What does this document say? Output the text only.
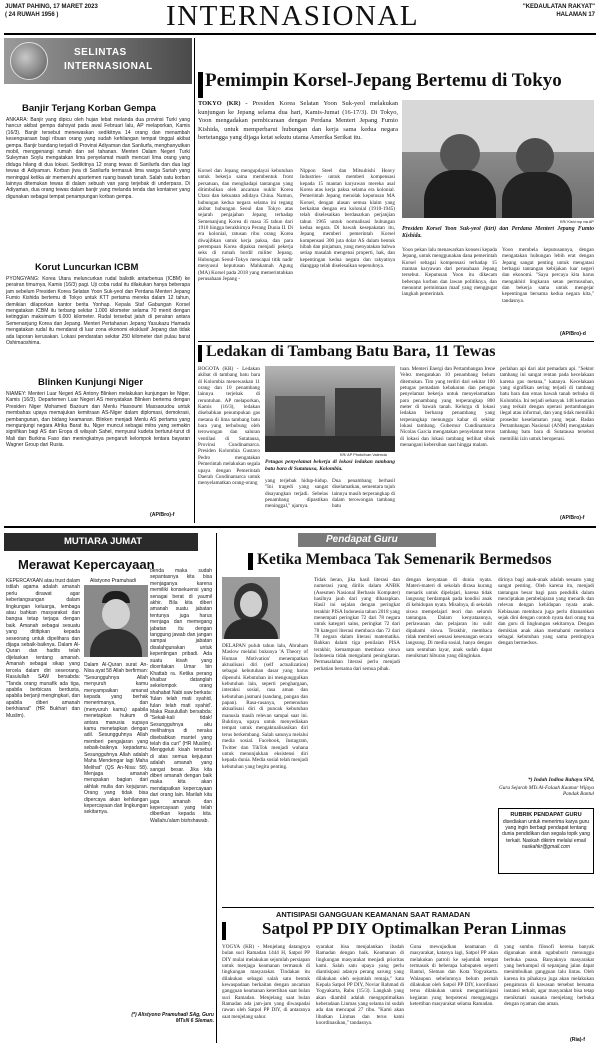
JUMAT PAHING, 17 MARET 2023
( 24 RUWAH 1956 )	INTERNASIONAL	"KEDAULATAN RAKYAT"
HALAMAN 17
SELINTAS
INTERNASIONAL
Banjir Terjang Korban Gempa
ANKARA: Banjir yang dipicu oleh hujan lebat melanda dua provinsi Turki yang hancur akibat gempa dahsyat pada awal Februari lalu, AP melaporkan, Kamis (16/3). Banjir tersebut menewaskan sedikitnya 14 orang dan menambah kesengsaraan bagi ribuan orang yang sudah kehilangan tempat tinggal akibat gempa. Banjir bandang terjadi di Provinsi Adiyaman dan Sanliurfa, menghanyutkan mobil, menggenangi rumah dan sel tahanan. Menteri Dalam Negeri Turki Suleyman Soylu mengatakan lima penyelamat masih mencari lima orang yang diduga hilang di dua lokasi. Sedikitnya 12 orang tewas di Sanliurfa dan dua lagi tewas di Adiyaman. Korban jiwa di Sanliurfa termasuk lima warga Suriah yang meninggal ketika air memenuhi apartemen ruang bawah tanah. Salah satu korban lainnya ditemukan tewas di dalam sebuah van yang terjebak di underpass. Di Adiyaman, dua orang tewas dalam banjir yang melanda tenda dan kontainer yang digunakan sebagai tempat penampungan korban gempa.
Korut Luncurkan ICBM
PYONGYANG: Korea Utara meluncurkan rudal balistik antarbenua (ICBM) ke perairan timurnya, Kamis (16/3) pagi. Uji coba rudal itu dilakukan hanya beberapa jam sebelum Presiden Korea Selatan Yoon Suk-yeol dan Perdana Menteri Jepang Fumio Kishida bertemu di Tokyo untuk KTT pertama mereka dalam 12 tahun, demikian dilaporkan kantor berita Yonhap. Kepala Staf Gabungan Korsel mengatakan ICBM itu terbang sekitar 1.000 kilometer selama 70 menit dengan ketinggian maksimum 6.000 kilometer. Rudal tersebut jatuh di perairan antara Semenanjung Korea dan Jepang. Menteri Pertahanan Jepang Yasukazu Hamada mengatakan rudal itu mendarat di luar zona ekonomi eksklusif Jepang dan tidak ada laporan kerusakan. Lokasi pendaratan sekitar 250 kilometer dari pulau barat Oshimaoshima.
Blinken Kunjungi Niger
NIAMEY: Menteri Luar Negeri AS Antony Blinken melakukan kunjungan ke Niger, Kamis (16/3). Departemen Luar Negeri AS menyatakan Blinken bertemu dengan Presiden Niger Mohamed Bazoum dan Menlu Hassoumi Massaoudou untuk membahas upaya memajukan kemitraan AS-Niger dalam diplomasi, demokrasi, pembangunan, dan bidang keamanan. Blinken menjadi Menlu AS pertama yang mengunjungi negara Afrika Barat itu. Niger muncul sebagai mitra yang semakin signifikan bagi AS dan Eropa di wilayah Sahel, menyusul kudeta berturut-turut di Mali dan Burkina Faso dan meningkatnya pengaruh kelompok tentara bayaran Wagner Group dari Rusia.
(AP/Bro)-f
Pemimpin Korsel-Jepang Bertemu di Tokyo
TOKYO (KR) - Presiden Korea Selatan Yoon Suk-yeol melakukan kunjungan ke Jepang selama dua hari, Kamis-Jumat (16-17/3). Di Tokyo, Yoon mengadakan pembicaraan dengan Perdana Menteri Jepang Fumio Kishida, untuk memperbarui hubungan dan kerja sama kedua negara bertetangga yang dijaga ketat sekutu utama Amerika Serikat itu.
Korsel dan Jepang mengupdayai kebutuhan untuk bekerja sama membentuk front persatuan, dan menghadapi tantangan yang ditimbulkan oleh ancaman nuklir Korea Utara dan kekuatan adidaya China. Namun, hubungan kedua negara selama ini tegang akibat hubungan Seoul dan Tokyo atas sejarah penjajahan Jepang terhadap Semenanjung Korea di masa 35 tahun dari 1910 hingga berakhirnya Perang Dunia II. Di era kolonial, ratusan ribu orang Korea diwajibkan untuk kerja paksa, dan para perempuan Korea dipaksa menjadi pekerja seks di rumah bordil militer Jepang. Hubungan Seoul-Tokyo mencapai titik nadir menyusul keputusan Mahkamah Agung (MA) Korsel pada 2018 yang memerintahkan perusahaan Jepang -
Nippon Steel dan Mitsubishi Heavy Industries- untuk memberi kompensasi kepada 15 mantan karyawan mereka asal Korea atas kerja paksa selama era kolonial. Pemerintah Jepang menolak keputusan MA Korsel, dengan alasan semua klaim yang berkaitan dengan era kolonial (1910-1945) telah diselesaikan berdasarkan perjanjian tahun 1965 untuk normalisasi hubungan kedua negara. Di bawah kesepakatan itu, Jepang memberi pemerintah Korsel kompensasi 300 juta dolar AS dalam bentuk hibah dan pinjaman, yang menyatakan bahwa setiap masalah mengenai properti, hak, dan kepentingan kedua negara dan rakyatnya dianggap telah diselesaikan sepenuhnya.
KR/ Kishi mp via AP
Presiden Korsel Yoon Suk-yeol (kiri) dan Perdana Menteri Jepang Fumio Kishida.
Yoon pekan lalu menawarkan konsesi kepada Jepang, untuk menggunakan dana pemerintah Korsel sebagai kompensasi terhadap 15 mantan karyawan dari perusahaan Jepang tersebut. Keputusan Yoon itu dikecam beberapa korban dan lawan politiknya, dan menuntut permintaan maaf yang menggugat langkah pemerintah.
Yoon membela keputusannya, dengan mengatakan hubungan lebih erat dengan Jepang sangat penting untuk mengatasi berbagai tantangan kebijakan luar negeri dan ekonomi. "Saya percaya kita harus mengakhiri lingkaran setan permusuhan, dan bekerja sama untuk mengejar kepentingan bersama kedua negara kita," tandasnya.
(AP/Bro)-d
Ledakan di Tambang Batu Bara, 11 Tewas
BOGOTA (KR) - Ledakan akibat di tambang batu bara di Kolombia menewaskan 11 orang dan 10 penambang lainnya terjebak di reruntuhan. AP melaporkan, Kamis (16/3), ledakan disebabkan penumpukan gas metana di lima tambang batu bara yang terhubung oleh terowongan dan saluran ventilasi di Sutatausa, Provinsi Cundinamarca. Presiden Kolombia Gustavo Pedro mengatakan Pemerintah melakukan segala upaya dengan Pemerintah Daerah Cundinamarca untuk menyelamatkan orang-orang
KR/ AP Photo/Ivan Valencia
Petugas penyelamat bekerja di lokasi ledakan tambang batu bara di Sutatausa, Kolombia.
yang terjebak hidup-hidup. "Ini tragedi yang sangat disayangkan terjadi. Sebelas penambang dipastikan meninggal," ujarnya.
Dua penambang berhasil diselamatkan, sementara tujuh lainnya masih terperangkap di dalam terowongan tambang batu
tuan. Menteri Energi dan Pertambangan Irene Velez mengatakan 10 penambang belum ditemukan. Tim yang terdiri dari sekitar 100 petugas pemadam kebakaran dan petugas penyelamat bekerja untuk menyelamatkan para penambang yang terperangkap 800 meter di bawah tanah. Kelurga di lokasi ledakan berharap penambang yang terperangkap menunggu kabar di sekitar lokasi tambang. Gubernur Cundinamarca Nicolas Garcia mengatakan penyelamat terus di lokasi dan lokasi tambang terlihat sibuk menangani kebersihan saat hingga malam.
perlahan api dari alat pemadam api. "Sektor tambang ini sangat rentan pada kecelakaan karena gas metana," katanya. Kecelakaan yang signifikan sering terjadi di tambang batu bara dan emas bawah tanah terbuka di Kolombia. Ini terjadi sebanyak 148 kematian yang terkait dengan operasi pertambangan ilegal atau informal, dan yang tidak memiliki prosedur keselamatan yang tepat. Badan Pertambangan Nasional (ANM) mengatakan tambang batu bara di Sutatausa tersebut memiliki izin untuk beroperasi.
(AP/Bro)-f
MUTIARA JUMAT
Merawat Kepercayaan
Alistyono Pramuhadi
KEPERCAYAAN atau trust dalam istilah agama adalah amanah perlu dirawat agar keberlangsungan dalam lingkungan keluarga, lembaga atau bahkan masyarakat dan bangsa tetap terjaga dengan baik. Amanah sebagai sesuatu yang dititipkan kepada seseorang untuk dipelihara dan dijaga sebaik-baiknya. Dalam Al-Quran dan hadits telah dijelaskan tentang amanah. Amanah sebagai sikap yang tercela dalam diri seseorang. Rasulullah SAW bersabda: "Tanda orang munafik ada tiga, apabila berbicara berdusta, apabila berjanji mengingkari, dan apabila diberi amanah berkhianat" (HR Bukhari dan Muslim).
Dalam Al-Quran surat An-Nisa ayat 58 Allah berfirman: "Sesungguhnya Allah menyuruh kamu menyampaikan amanat kepada yang berhak menerimanya, dan (menyuruh kamu) apabila menetapkan hukum di antara manusia supaya kamu menetapkan dengan adil. Sesungguhnya Allah memberi pengajaran yang sebaik-baiknya kepadamu. Sesungguhnya Allah adalah Maha Mendengar lagi Maha Melihat" (QS An-Nisa: 58). Menjaga amanah merupakan bagian dari akhlak mulia dan kejujuran. Orang yang tidak bisa dipercaya akan kehilangan kepercayaan dari lingkungan sekitarnya.
benda maka sudah sepantasnya kita bisa menjaganya karena memiliki konsekuensi yang senagai berat di yaumil akhir. Bila kita diberi amanah suatu jabatan tentunya juga harus menjaga dan memegang jabatan itu dengan tanggung jawab dan jangan sampai jabatan disalahgunakan untuk kepentingan pribadi. Ada suatu kisah yang diceritakan Umar bin Khattab ra. Ketika perang khaibar datanglah sekelompok orang shahabat Nabi saw berkata: 'fulan telah mati syahid, fulan telah mati syahid'. Maka Rasulullah bersabda: "Sekali-kali tidak! Sesungguhnya aku melihatnya di neraka disebabkan mantel yang telah dia curi" (HR Muslim). Menggeluti kisah tersebut di atas semua kejujuran adalah amanah yang sangat besar. Jika kita diberi amanah dengan baik maka kita akan mendapatkan kepercayaan dari orang lain. Marilah kita jaga amanah dan kepercayaan yang telah diberikan kepada kita. Wallahu'alam bishshawab.
(*) Alistyono Pramuhadi SAg, Guru MTsN 6 Sleman.
Pendapat Guru
Ketika Membaca Tak Semenarik Bermedsos
DELAPAN puluh tahun lalu, Abraham Maslow melalui bukunya 'A Theory of Human Motivation' menempatkan aktualisasi diri (self actualization) sebagai kebutuhan dasar yang harus dipenuhi. Kebutuhan ini mengunggulkan kebutuhan lain, seperti penghargaan, interaksi sosial, rasa aman dan kebutuhan jasmani (sandang, pangan dan papan). Rasa-rasanya, pemenuhan aktualisasi diri di puncak kebutuhan manusia masih relevan sampai saat ini. Buktinya, upaya untuk menyediakan tempat untuk mengaktualisasikan diri terus berkembang. Salah satunya melalui media sosial. Facebook, Instagram, Twitter dan TikTok menjadi wahana untuk menunjukkan eksistensi diri kepada dunia. Media sosial telah menjadi kebutuhan yang begitu penting.
Tidak heran, jika hasil literasi dan numerasi yang dirilis dalam ANBK (Asesmen Nasional Berbasis Komputer) hasilnya jauh dari yang diharapkan. Hasil ini sejalan dengan peringkat terakhir PISA Indonesia tahun 2018 yang menempati peringkat 72 dari 78 negara untuk kategori sains, peringkat 72 dari 78 kategori literasi membaca dan 72 dari 78 negara dalam literasi matematika. Bahkan dalam tiga penilaian PISA terakhir, kemampuan membaca siswa Indonesia tidak mengalami peningkatan. Permasalahan literasi perlu menjadi perhatian bersama dari semua pihak.
dengan kenyataan di dunia nyata. Materi-materi di sekolah dirasa kurang menarik untuk dipelajari, karena tidak langsung berdampak pada kondisi anak di kehidupan nyata. Misalnya, di sekolah siswa mempelajari teori dan seluruh tantangan. Dalam kenyataannya, perlawanan dan pelajaran itu sulit dipahami siswa. Terakhir, membaca tidak memberi sensasi kesenangan secara langsung. Di media sosial, hanya dengan satu sentuhan layar, anak sudah dapat menikmati hiburan yang diinginkan.
dirinya bagi anak-anak adalah sesuatu yang sangat penting. Oleh karena itu, menjadi tantangan besar bagi para pendidik dalam menciptakan pembelajaran yang menarik dan relevan dengan kehidupan nyata anak. Kebiasaan membaca juga perlu ditanamkan sejak dini dengan contoh nyata dari orang tua dan guru di lingkungan sekitarnya. Dengan demikian anak akan memahami membaca sebagai kebutuhan yang sama pentingnya dengan bermedsos.
*) Indah Indina Rahayu SPd,
Guru Sejarah MTs Al-Falaah Kaamar Wijaya Pandak Bantul
RUBRIK PENDAPAT GURU
disediakan untuk menerima karya guru yang ingin berbagi pendapat tentang dunia pendidikan dan segala topik yang terkait. Naskah dikirim melalui email
naskahkr@gmail.com
ANTISIPASI GANGGUAN KEAMANAN SAAT RAMADAN
Satpol PP DIY Optimalkan Peran Linmas
YOGYA (KR) - Menjelang datangnya bulan suci Ramadan 1444 H, Satpol PP DIY mulai melakukan sejumlah persiapan untuk menjaga keamanan termasuk di lingkungan masyarakat. Tindakan itu dilakukan sebagai salah satu bentuk kewaspadaan berkaitan dengan ancaman gangguan keamanan ketertiban saat bulan suci Ramadan. Menjelang saat bulan Ramadan ada jam-jam yang diwaspadai rawan oleh Satpol PP DIY, di antaranya saat menjelang sahur.
syarakat bisa menjalankan ibadah Ramadan dengan baik. Keamanan di lingkungan masyarakat menjadi prioritas kami. Salah satu upaya yang perlu diantisipasi adanya perang sarung yang dilakukan oleh sejumlah remaja," kata Kepala Satpol PP DIY, Noviar Rahmad di Yogyakarta, Rabu (15/3). Langkah yang akan diambil adalah mengoptimalkan keberadaan Linmas yang selama ini sudah ada dan mencapai 27 ribu. "Kami akan libatkan Linmas dan terus kami koordinasikan," tandasnya.
Guna mewujudkan keamanan di masyarakat, katanya lagi, Satpol PP akan melakukan patroli ke sejumlah tempat termasuk di beberapa kabupaten seperti Bantul, Sleman dan Kota Yogyakarta. Walaupun sebelumnya belum pernah dilakukan oleh Satpol PP DIY, koordinasi terus dilakukan untuk mengantisipasi kegiatan yang berpotensi mengganggu ketertiban masyarakat selama Ramadan.
yang sumbu filosofi kerena banyak digunakan untuk ngabuburit menunggu berbuka puasa. Banyaknya masyarakat yang berkumpul di sepanjang jalan dapat menimbulkan gangguan lalu lintas. Oleh karena itu pihaknya juga akan melakukan pengaturan di kawasan tersebut bersama instansi terkait, agar masyarakat bisa tetap menikmati suasana menjelang berbuka dengan nyaman dan aman.
(Ria)-f
